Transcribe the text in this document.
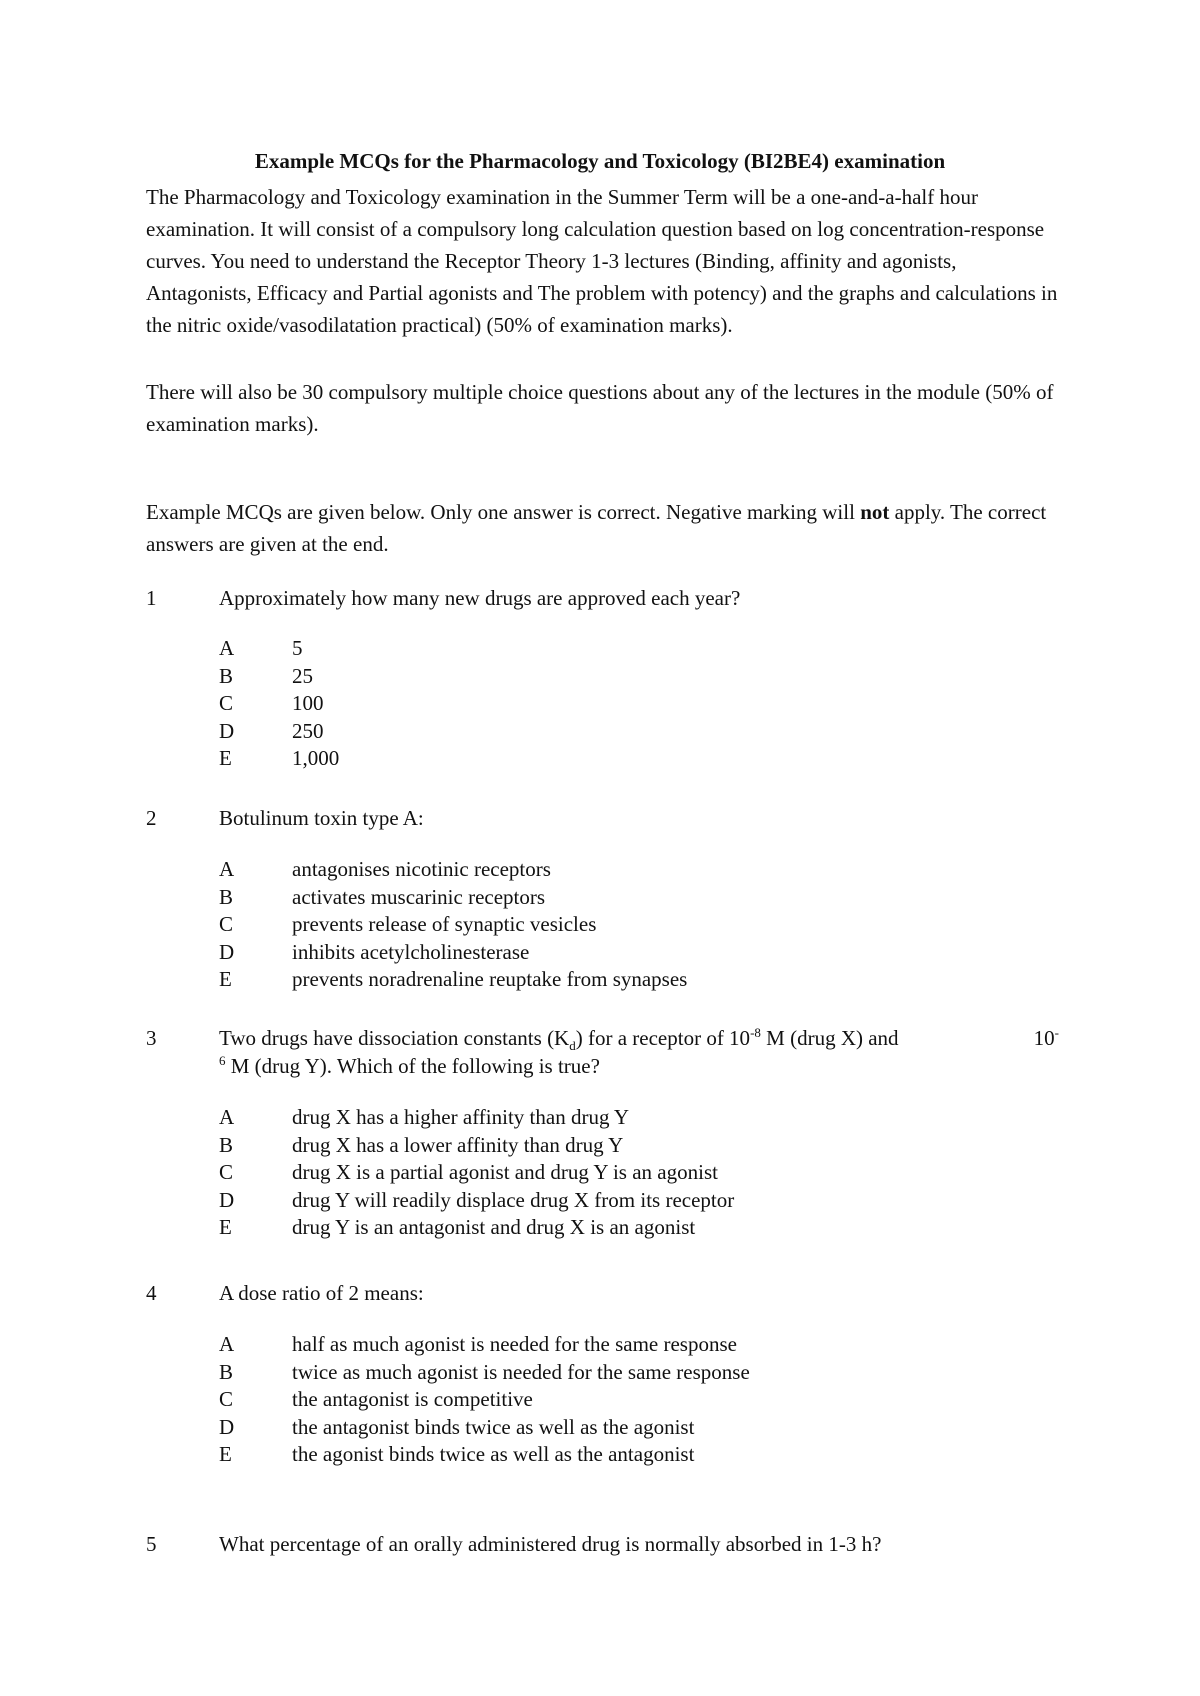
Example MCQs for the Pharmacology and Toxicology (BI2BE4) examination

The Pharmacology and Toxicology examination in the Summer Term will be a one-and-a-half hour examination. It will consist of a compulsory long calculation question based on log concentration-response curves. You need to understand the Receptor Theory 1-3 lectures (Binding, affinity and agonists, Antagonists, Efficacy and Partial agonists and The problem with potency) and the graphs and calculations in the nitric oxide/vasodilatation practical) (50% of examination marks).

There will also be 30 compulsory multiple choice questions about any of the lectures in the module (50% of examination marks).

Example MCQs are given below. Only one answer is correct. Negative marking will not apply. The correct answers are given at the end.

1	Approximately how many new drugs are approved each year?
A	5
B	25
C	100
D	250
E	1,000
2	Botulinum toxin type A:
A	antagonises nicotinic receptors
B	activates muscarinic receptors
C	prevents release of synaptic vesicles
D	inhibits acetylcholinesterase
E	prevents noradrenaline reuptake from synapses
3	Two drugs have dissociation constants $(K_d)$ for a receptor of $10^{-8}$ M (drug X) and	10-
$^6$ M (drug Y). Which of the following is true?
A	drug X has a higher affinity than drug Y
B	drug X has a lower affinity than drug Y
C	drug X is a partial agonist and drug Y is an agonist
D	drug Y will readily displace drug X from its receptor
E	drug Y is an antagonist and drug X is an agonist
4	A dose ratio of 2 means:
A	half as much agonist is needed for the same response
B	twice as much agonist is needed for the same response
C	the antagonist is competitive
D	the antagonist binds twice as well as the agonist
E	the agonist binds twice as well as the antagonist
5	What percentage of an orally administered drug is normally absorbed in 1-3 h?
